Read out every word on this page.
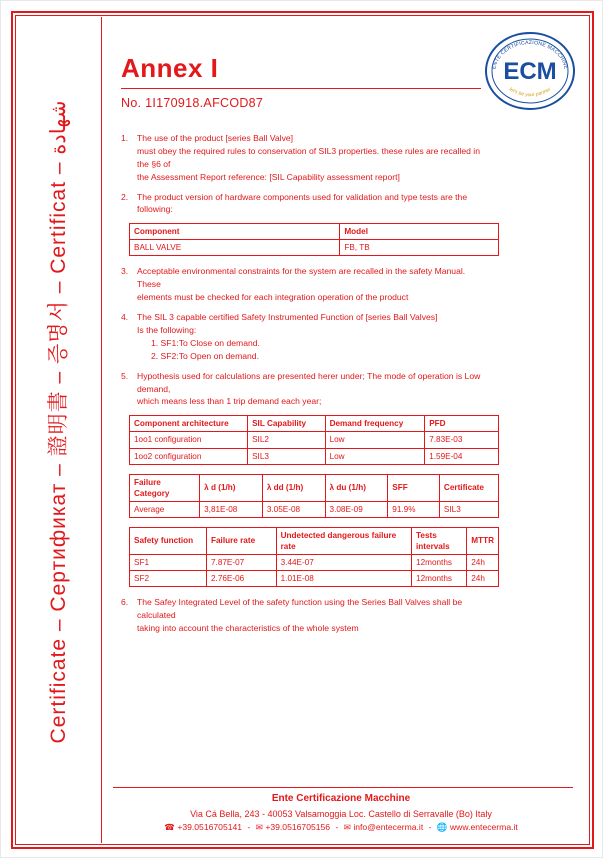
Certificate – Сертификат – 證明書 – 증명서 – Certificat – شهادة
ENTE CERTIFICAZIONE MACCHINE
ECM
let's be your partner
Annex I
No. 1I170918.AFCOD87
1.	The use of the product [series Ball Valve]
must obey the required rules to conservation of SIL3 properties. these rules are recalled in the §6 of
the Assessment Report reference: [SIL Capability assessment report]
2.	The product version of hardware components used for validation and type tests are the following:
Component	Model
BALL VALVE	FB, TB
3.	Acceptable environmental constraints for the system are recalled in the safety Manual. These
elements must be checked for each integration operation of the product
4.	The SIL 3 capable certified Safety Instrumented Function of [series Ball Valves]
Is the following:
1. SF1:To Close on demand.
2. SF2:To Open on demand.
5.	Hypothesis used for calculations are presented herer under; The mode of operation is Low demand,
which means less than 1 trip demand each year;
Component architecture	SIL Capability	Demand frequency	PFD
1oo1 configuration	SIL2	Low	7.83E-03
1oo2 configuration	SIL3	Low	1.59E-04
Failure Category	λ d (1/h)	λ dd (1/h)	λ du (1/h)	SFF	Certificate
Average	3,81E-08	3.05E-08	3.08E-09	91.9%	SIL3
Safety function	Failure rate	Undetected dangerous failure rate	Tests intervals	MTTR
SF1	7.87E-07	3.44E-07	12months	24h
SF2	2.76E-06	1.01E-08	12months	24h
6.	The Safey Integrated Level of the safety function using the Series Ball Valves shall be calculated
taking into account the characteristics of the whole system
Ente Certificazione Macchine
Via Cá Bella, 243 - 40053 Valsamoggia Loc. Castello di Serravalle (Bo) Italy
☎ +39.0516705141 - ✉ +39.0516705156 - ✉ info@entecerma.it - 🌐 www.entecerma.it
